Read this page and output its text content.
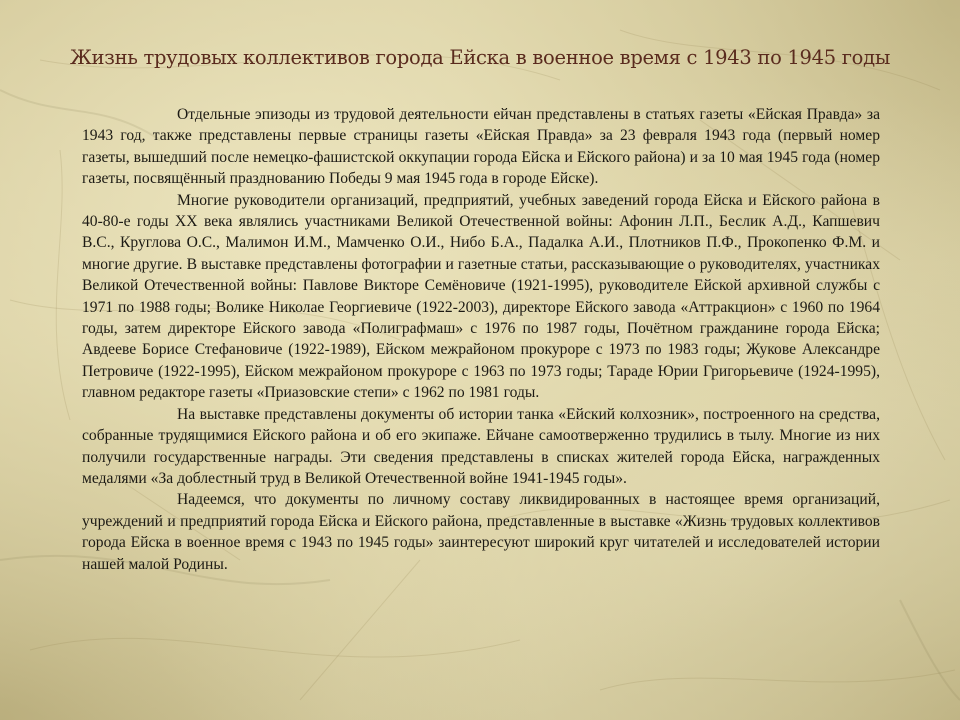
Жизнь трудовых коллективов города Ейска в военное время с 1943 по 1945 годы

Отдельные эпизоды из трудовой деятельности ейчан представлены в статьях газеты «Ейская Правда» за 1943 год, также представлены первые страницы газеты «Ейская Правда» за 23 февраля 1943 года (первый номер газеты, вышедший после немецко-фашистской оккупации города Ейска и Ейского района) и за 10 мая 1945 года (номер газеты, посвящённый празднованию Победы 9 мая 1945 года в городе Ейске).

Многие руководители организаций, предприятий, учебных заведений города Ейска и Ейского района в 40-80-е годы XX века являлись участниками Великой Отечественной войны: Афонин Л.П., Беслик А.Д., Капшевич В.С., Круглова О.С., Малимон И.М., Мамченко О.И., Нибо Б.А., Падалка А.И., Плотников П.Ф., Прокопенко Ф.М. и многие другие. В выставке представлены фотографии и газетные статьи, рассказывающие о руководителях, участниках Великой Отечественной войны: Павлове Викторе Семёновиче (1921-1995), руководителе Ейской архивной службы с 1971 по 1988 годы; Волике Николае Георгиевиче (1922-2003), директоре Ейского завода «Аттракцион» с 1960 по 1964 годы, затем директоре Ейского завода «Полиграфмаш» с 1976 по 1987 годы, Почётном гражданине города Ейска; Авдееве Борисе Стефановиче (1922-1989), Ейском межрайоном прокуроре с 1973 по 1983 годы; Жукове Александре Петровиче (1922-1995), Ейском межрайоном прокуроре с 1963 по 1973 годы; Тараде Юрии Григорьевиче (1924-1995), главном редакторе газеты «Приазовские степи» с 1962 по 1981 годы.

На выставке представлены документы об истории танка «Ейский колхозник», построенного на средства, собранные трудящимися Ейского района и об его экипаже. Ейчане самоотверженно трудились в тылу. Многие из них получили государственные награды. Эти сведения представлены в списках жителей города Ейска, награжденных медалями «За доблестный труд в Великой Отечественной войне 1941-1945 годы».

Надеемся, что документы по личному составу ликвидированных в настоящее время организаций, учреждений и предприятий города Ейска и Ейского района, представленные в выставке «Жизнь трудовых коллективов города Ейска в военное время с 1943 по 1945 годы» заинтересуют широкий круг читателей и исследователей истории нашей малой Родины.
